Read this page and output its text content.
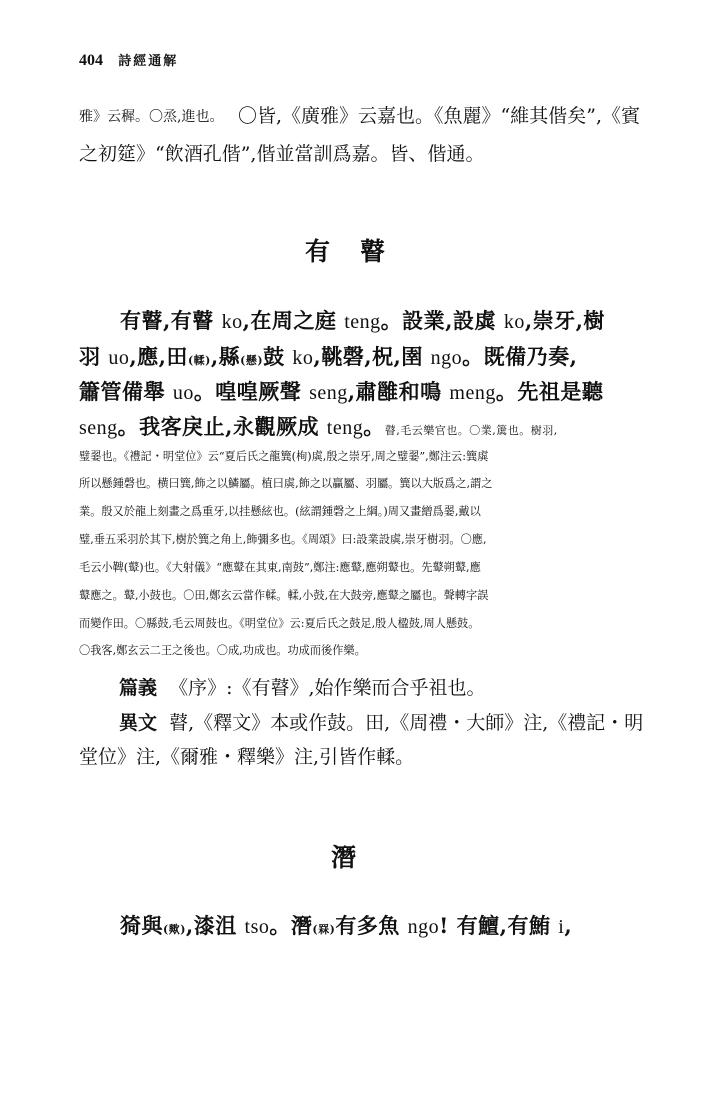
404 詩經通解
雅》云穉。〇烝,進也。 〇皆,《廣雅》云嘉也。《魚麗》“維其偕矣”,《賓
之初筵》“飲酒孔偕”,偕並當訓爲嘉。皆、偕通。
有瞽
有瞽,有瞽 ko,在周之庭 teng。設業,設虡 ko,崇牙,樹
羽 uo,應,田(輮),縣(懸)鼓 ko,鞉磬,柷,圉 ngo。既備乃奏,
簫管備舉 uo。喤喤厥聲 seng,肅雝和鳴 meng。先祖是聽
seng。我客戾止,永觀厥成 teng。瞽,毛云樂官也。〇業,簴也。樹羽,
璧翣也。《禮記・明堂位》云“夏后氏之龍簨(栒)虡,殷之崇牙,周之璧翣”,鄭注云:簨虡
所以懸鍾磬也。横曰簨,飾之以鱗屬。植曰虡,飾之以贏屬、羽屬。簨以大版爲之,謂之
業。殷又於龍上刻畫之爲重牙,以挂懸絃也。(絃謂鍾磬之上綱。)周又畫繒爲翣,戴以
璧,垂五采羽於其下,樹於簨之角上,飾彌多也。《周頌》曰:設業設虡,崇牙樹羽。〇應,
毛云小鞞(鼙)也。《大射儀》“應鼙在其東,南鼓”,鄭注:應鼙,應朔鼙也。先鼙朔鼙,應
鼙應之。鼙,小鼓也。〇田,鄭玄云當作輮。輮,小鼓,在大鼓旁,應鼙之屬也。聲轉字誤
而變作田。〇縣鼓,毛云周鼓也。《明堂位》云:夏后氏之鼓足,殷人楹鼓,周人懸鼓。
〇我客,鄭玄云二王之後也。〇成,功成也。功成而後作樂。
篇義 《序》:《有瞽》,始作樂而合乎祖也。
異文 瞽,《釋文》本或作鼓。田,《周禮・大師》注,《禮記・明
堂位》注,《爾雅・釋樂》注,引皆作輮。
潛
猗與(歟),漆沮 tso。潛(罧)有多魚 ngo! 有鱣,有鮪 i,
